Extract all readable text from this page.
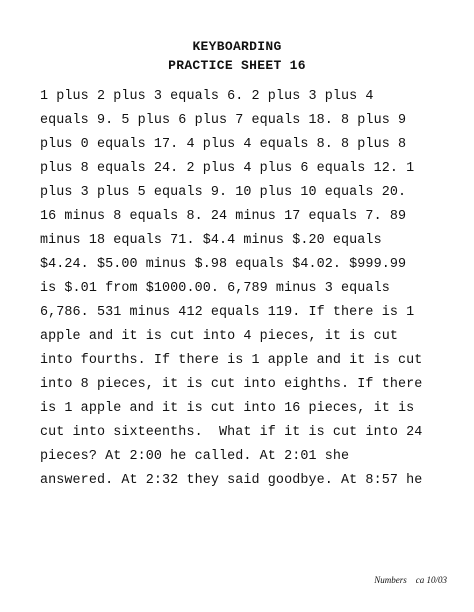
KEYBOARDING
PRACTICE SHEET 16
1 plus 2 plus 3 equals 6. 2 plus 3 plus 4
equals 9. 5 plus 6 plus 7 equals 18. 8 plus 9
plus 0 equals 17. 4 plus 4 equals 8. 8 plus 8
plus 8 equals 24. 2 plus 4 plus 6 equals 12. 1
plus 3 plus 5 equals 9. 10 plus 10 equals 20.
16 minus 8 equals 8. 24 minus 17 equals 7. 89
minus 18 equals 71. $4.4 minus $.20 equals
$4.24. $5.00 minus $.98 equals $4.02. $999.99
is $.01 from $1000.00. 6,789 minus 3 equals
6,786. 531 minus 412 equals 119. If there is 1
apple and it is cut into 4 pieces, it is cut
into fourths. If there is 1 apple and it is cut
into 8 pieces, it is cut into eighths. If there
is 1 apple and it is cut into 16 pieces, it is
cut into sixteenths.  What if it is cut into 24
pieces? At 2:00 he called. At 2:01 she
answered. At 2:32 they said goodbye. At 8:57 he
Numbers    ca 10/03
